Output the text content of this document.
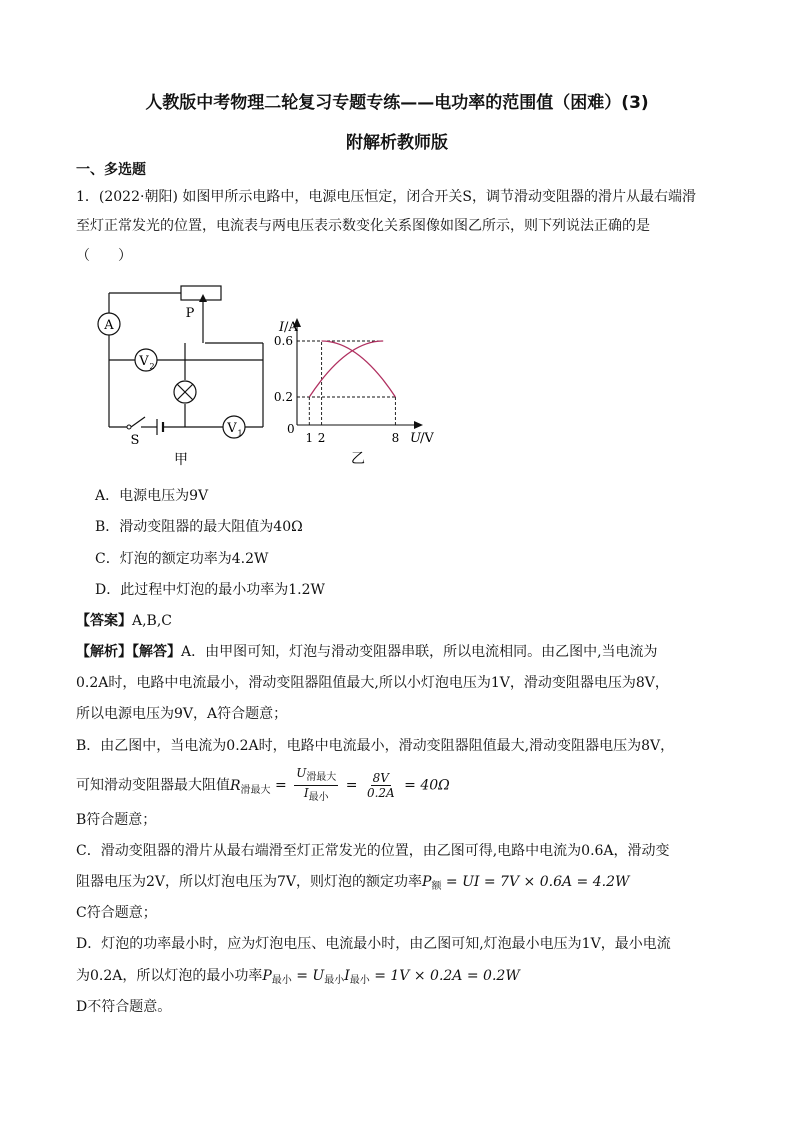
人教版中考物理二轮复习专题专练——电功率的范围值（困难）(3)
附解析教师版
一、多选题
1．(2022·朝阳) 如图甲所示电路中，电源电压恒定，闭合开关S，调节滑动变阻器的滑片从最右端滑
至灯正常发光的位置，电流表与两电压表示数变化关系图像如图乙所示，则下列说法正确的是
（　　）
A
V 2
V 1
P
S
甲
1 2	8
0.6
0.2
I /A
U /V
0
乙
A．电源电压为9V
B．滑动变阻器的最大阻值为40Ω
C．灯泡的额定功率为4.2W
D．此过程中灯泡的最小功率为1.2W
【答案】A,B,C
【解析】【解答】A．由甲图可知，灯泡与滑动变阻器串联，所以电流相同。由乙图中,当电流为
0.2A时，电路中电流最小，滑动变阻器阻值最大,所以小灯泡电压为1V，滑动变阻器电压为8V，
所以电源电压为9V，A符合题意；
B．由乙图中，当电流为0.2A时，电路中电流最小，滑动变阻器阻值最大,滑动变阻器电压为8V，
可知滑动变阻器最大阻值$R_{滑最大} = \frac{U_{滑最大}}{I_{最小}} = \frac{8V}{0.2A} = 40\Omega$
B符合题意；
C．滑动变阻器的滑片从最右端滑至灯正常发光的位置，由乙图可得,电路中电流为0.6A，滑动变
阻器电压为2V，所以灯泡电压为7V，则灯泡的额定功率$P_额$ = UI = 7V × 0.6A = 4.2W
C符合题意；
D．灯泡的功率最小时，应为灯泡电压、电流最小时，由乙图可知,灯泡最小电压为1V，最小电流
为0.2A，所以灯泡的最小功率$P_{最小} = U_{最小}I_{最小} = 1V \times 0.2A = 0.2W$
D不符合题意。
